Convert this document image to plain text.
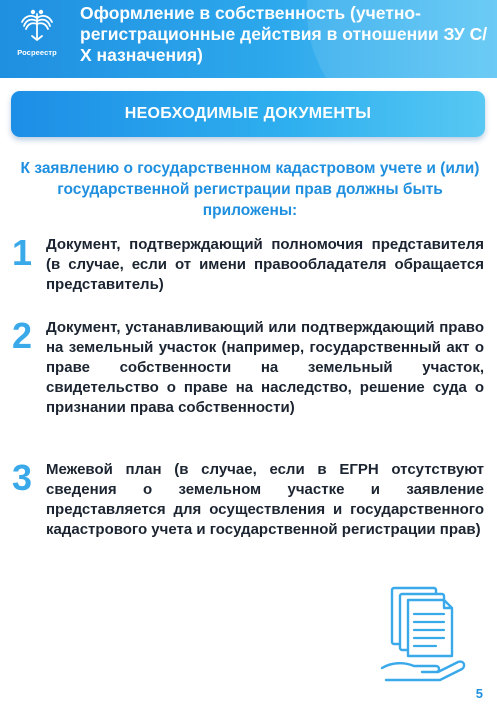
Росреестр
Оформление в собственность (учетно-регистрационные действия в отношении ЗУ С/Х назначения)
НЕОБХОДИМЫЕ ДОКУМЕНТЫ
К заявлению о государственном кадастровом учете и (или) государственной регистрации прав должны быть приложены:
1 Документ, подтверждающий полномочия представителя (в случае, если от имени правообладателя обращается представитель)
2 Документ, устанавливающий или подтверждающий право на земельный участок (например, государственный акт о праве собственности на земельный участок, свидетельство о праве на наследство, решение суда о признании права собственности)
3 Межевой план (в случае, если в ЕГРН отсутствуют сведения о земельном участке и заявление представляется для осуществления и государственного кадастрового учета и государственной регистрации прав)
5
